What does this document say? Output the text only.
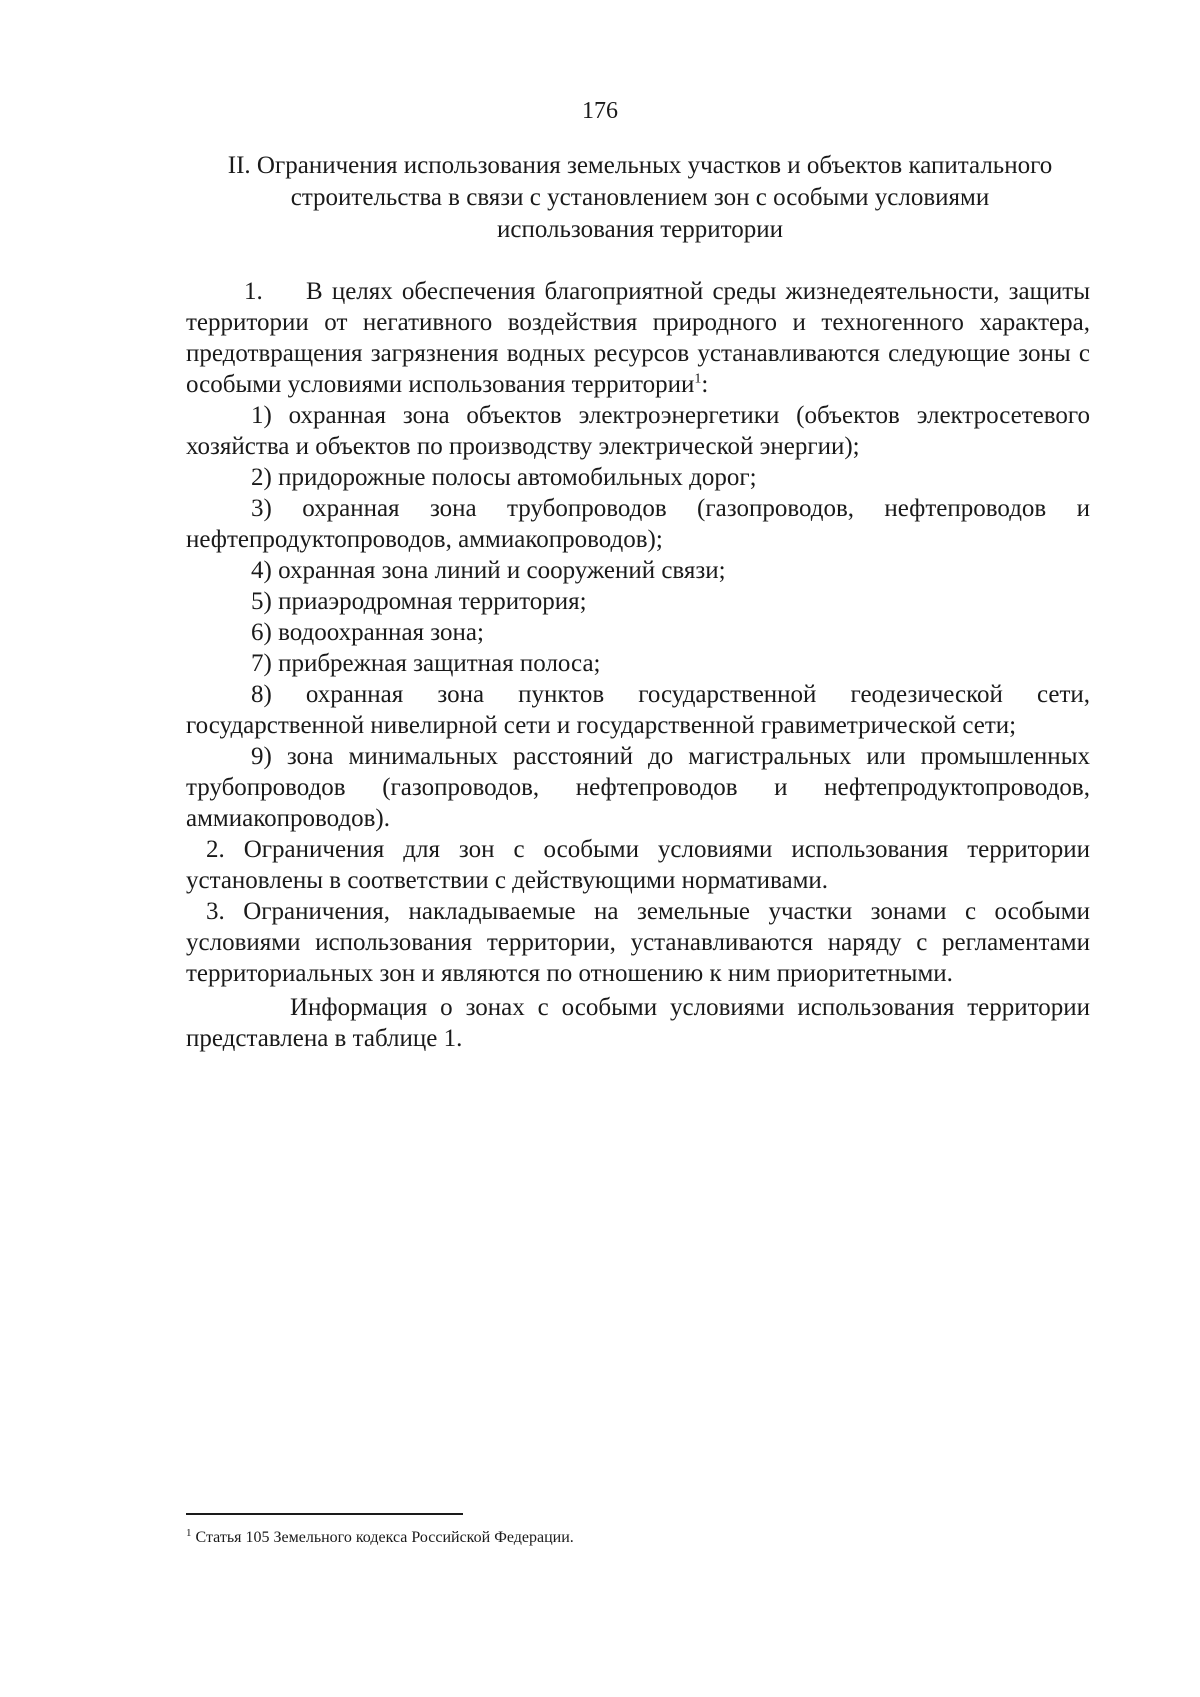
176
II. Ограничения использования земельных участков и объектов капитального
строительства в связи с установлением зон с особыми условиями
использования территории

1. В целях обеспечения благоприятной среды жизнедеятельности, защиты территории от негативного воздействия природного и техногенного характера, предотвращения загрязнения водных ресурсов устанавливаются следующие зоны с особыми условиями использования территории$^1$:

1) охранная зона объектов электроэнергетики (объектов электросетевого хозяйства и объектов по производству электрической энергии);

2) придорожные полосы автомобильных дорог;

3) охранная зона трубопроводов (газопроводов, нефтепроводов и нефтепродуктопроводов, аммиакопроводов);

4) охранная зона линий и сооружений связи;

5) приаэродромная территория;

6) водоохранная зона;

7) прибрежная защитная полоса;

8) охранная зона пунктов государственной геодезической сети, государственной нивелирной сети и государственной гравиметрической сети;

9) зона минимальных расстояний до магистральных или промышленных трубопроводов (газопроводов, нефтепроводов и нефтепродуктопроводов, аммиакопроводов).

2. Ограничения для зон с особыми условиями использования территории установлены в соответствии с действующими нормативами.

3. Ограничения, накладываемые на земельные участки зонами с особыми условиями использования территории, устанавливаются наряду с регламентами территориальных зон и являются по отношению к ним приоритетными.

Информация о зонах с особыми условиями использования территории представлена в таблице 1.

$^1$ Статья 105 Земельного кодекса Российской Федерации.
